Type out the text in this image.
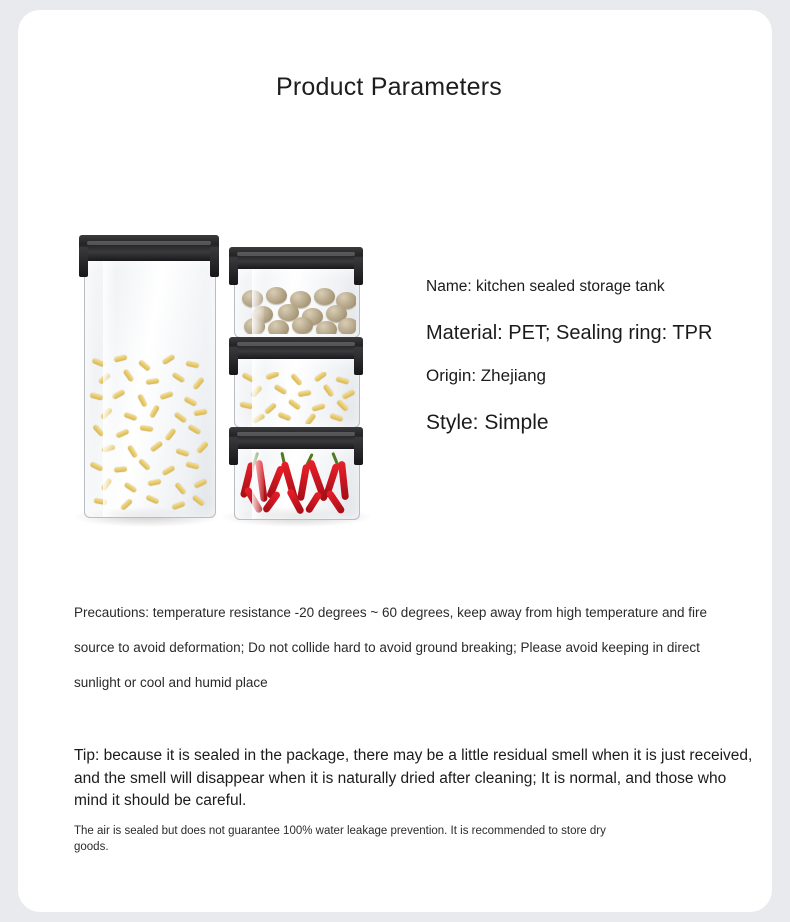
Product Parameters
Name: kitchen sealed storage tank
Material: PET; Sealing ring: TPR
Origin: Zhejiang
Style: Simple
Precautions: temperature resistance -20 degrees ~ 60 degrees, keep away from high temperature and fire source to avoid deformation; Do not collide hard to avoid ground breaking; Please avoid keeping in direct sunlight or cool and humid place
Tip: because it is sealed in the package, there may be a little residual smell when it is just received, and the smell will disappear when it is naturally dried after cleaning; It is normal, and those who mind it should be careful.
The air is sealed but does not guarantee 100% water leakage prevention. It is recommended to store dry goods.
